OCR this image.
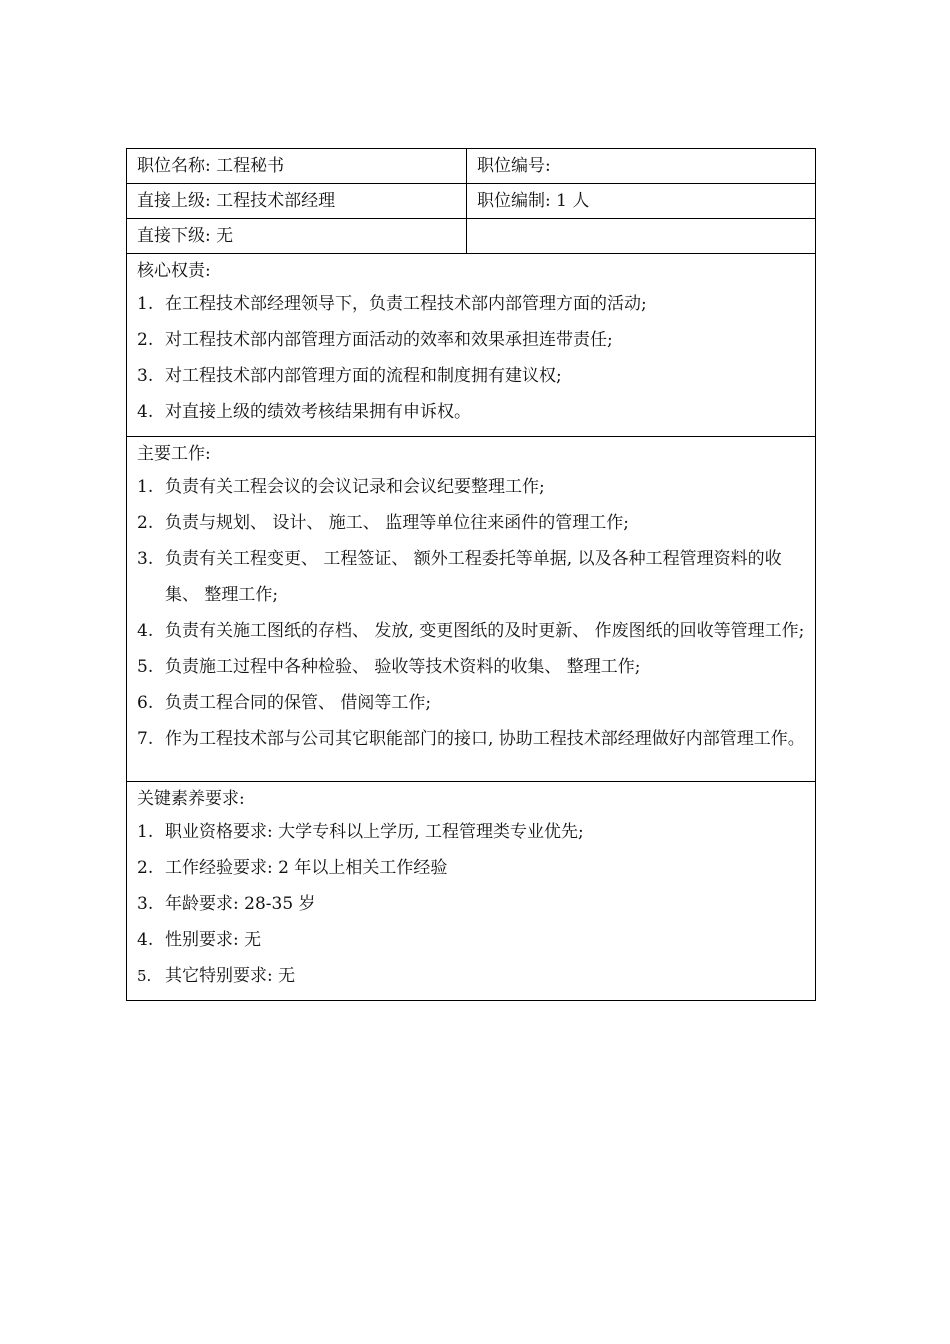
职位名称: 工程秘书	职位编号:
直接上级: 工程技术部经理	职位编制: 1 人
直接下级: 无
核心权责:
1. 在工程技术部经理领导下，负责工程技术部内部管理方面的活动;
2. 对工程技术部内部管理方面活动的效率和效果承担连带责任;
3. 对工程技术部内部管理方面的流程和制度拥有建议权;
4. 对直接上级的绩效考核结果拥有申诉权。
主要工作:
1. 负责有关工程会议的会议记录和会议纪要整理工作;
2. 负责与规划、 设计、 施工、 监理等单位往来函件的管理工作;
3. 负责有关工程变更、 工程签证、 额外工程委托等单据, 以及各种工程管理资料的收集、 整理工作;
4. 负责有关施工图纸的存档、 发放, 变更图纸的及时更新、 作废图纸的回收等管理工作;
5. 负责施工过程中各种检验、 验收等技术资料的收集、 整理工作;
6. 负责工程合同的保管、 借阅等工作;
7. 作为工程技术部与公司其它职能部门的接口, 协助工程技术部经理做好内部管理工作。
关键素养要求:
1. 职业资格要求: 大学专科以上学历, 工程管理类专业优先;
2. 工作经验要求: 2 年以上相关工作经验
3. 年龄要求: 28-35 岁
4. 性别要求: 无
5. 其它特别要求: 无
